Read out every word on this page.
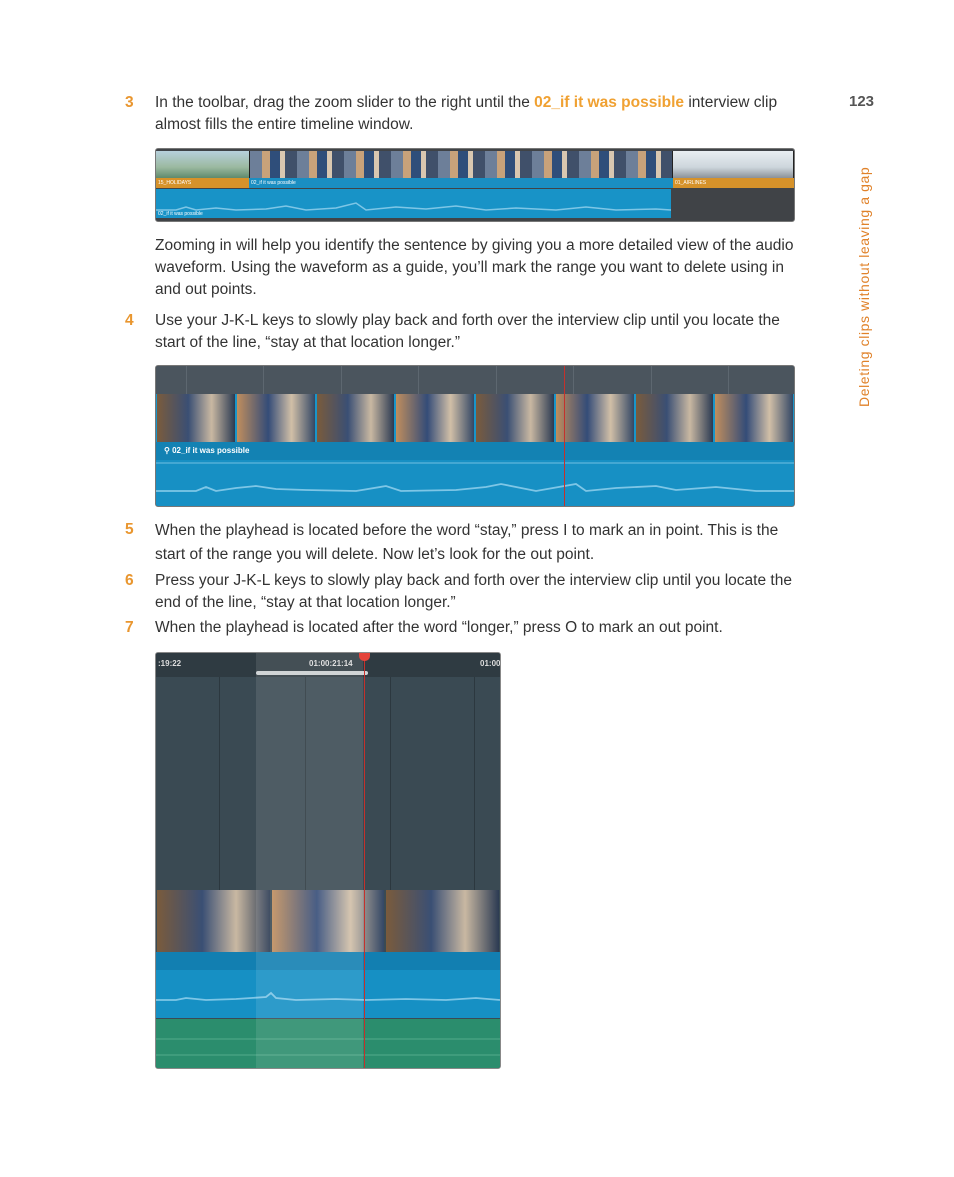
123
Deleting clips without leaving a gap
3 In the toolbar, drag the zoom slider to the right until the 02_if it was possible interview clip almost fills the entire timeline window.
15_HOLIDAYS	02_if it was possible	01_AIRLINES
02_if it was possible
Zooming in will help you identify the sentence by giving you a more detailed view of the audio waveform. Using the waveform as a guide, you’ll mark the range you want to delete using in and out points.
4 Use your J-K-L keys to slowly play back and forth over the interview clip until you locate the start of the line, “stay at that location longer.”
⚲ 02_if it was possible
5 When the playhead is located before the word “stay,” press I to mark an in point. This is the start of the range you will delete. Now let’s look for the out point.
6 Press your J-K-L keys to slowly play back and forth over the interview clip until you locate the end of the line, “stay at that location longer.”
7 When the playhead is located after the word “longer,” press O to mark an out point.
:19:22	01:00:21:14	01:00
